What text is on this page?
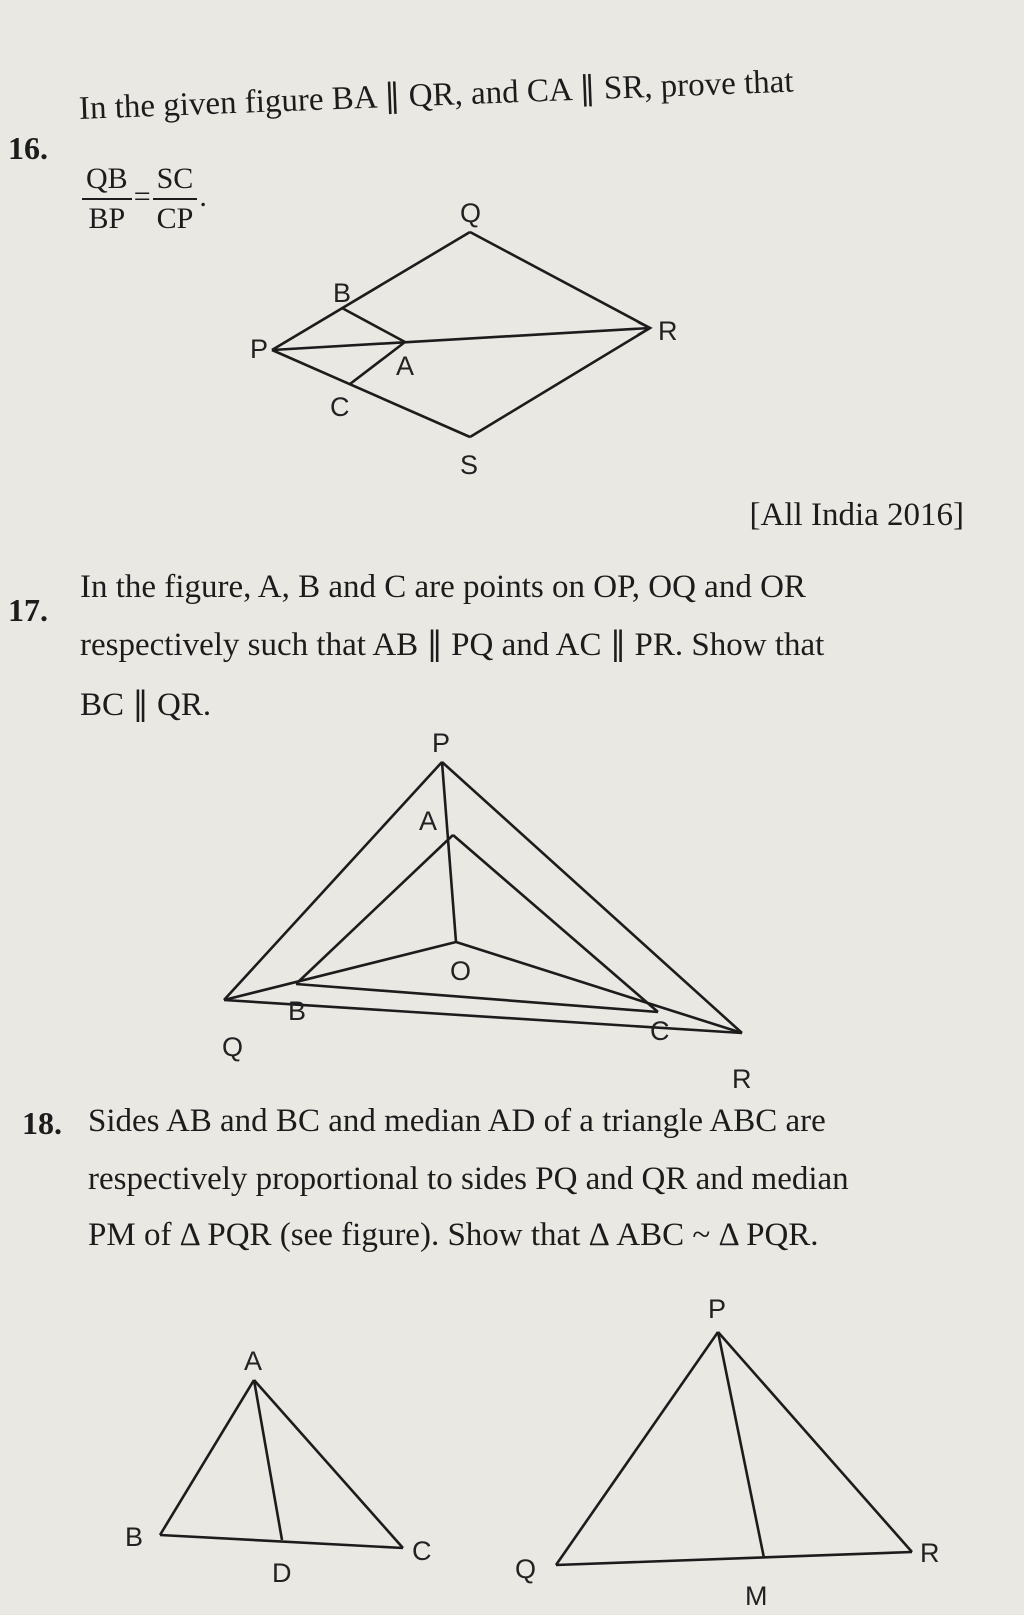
16.
In the given figure BA ∥ QR, and CA ∥ SR, prove that
$\frac{QB}{BP} = \frac{SC}{CP}$ .
[All India 2016]
17.
In the figure, A, B and C are points on OP, OQ and OR
respectively such that AB ∥ PQ and AC ∥ PR. Show that
BC ∥ QR.
18. Sides AB and BC and median AD of a triangle ABC are
respectively proportional to sides PQ and QR and median
PM of Δ PQR (see figure). Show that Δ ABC ~ Δ PQR.
Q
B
P
A
R
C
S
P
A
O
B
C
Q
R
A
B
D
C
P
Q
M
R
